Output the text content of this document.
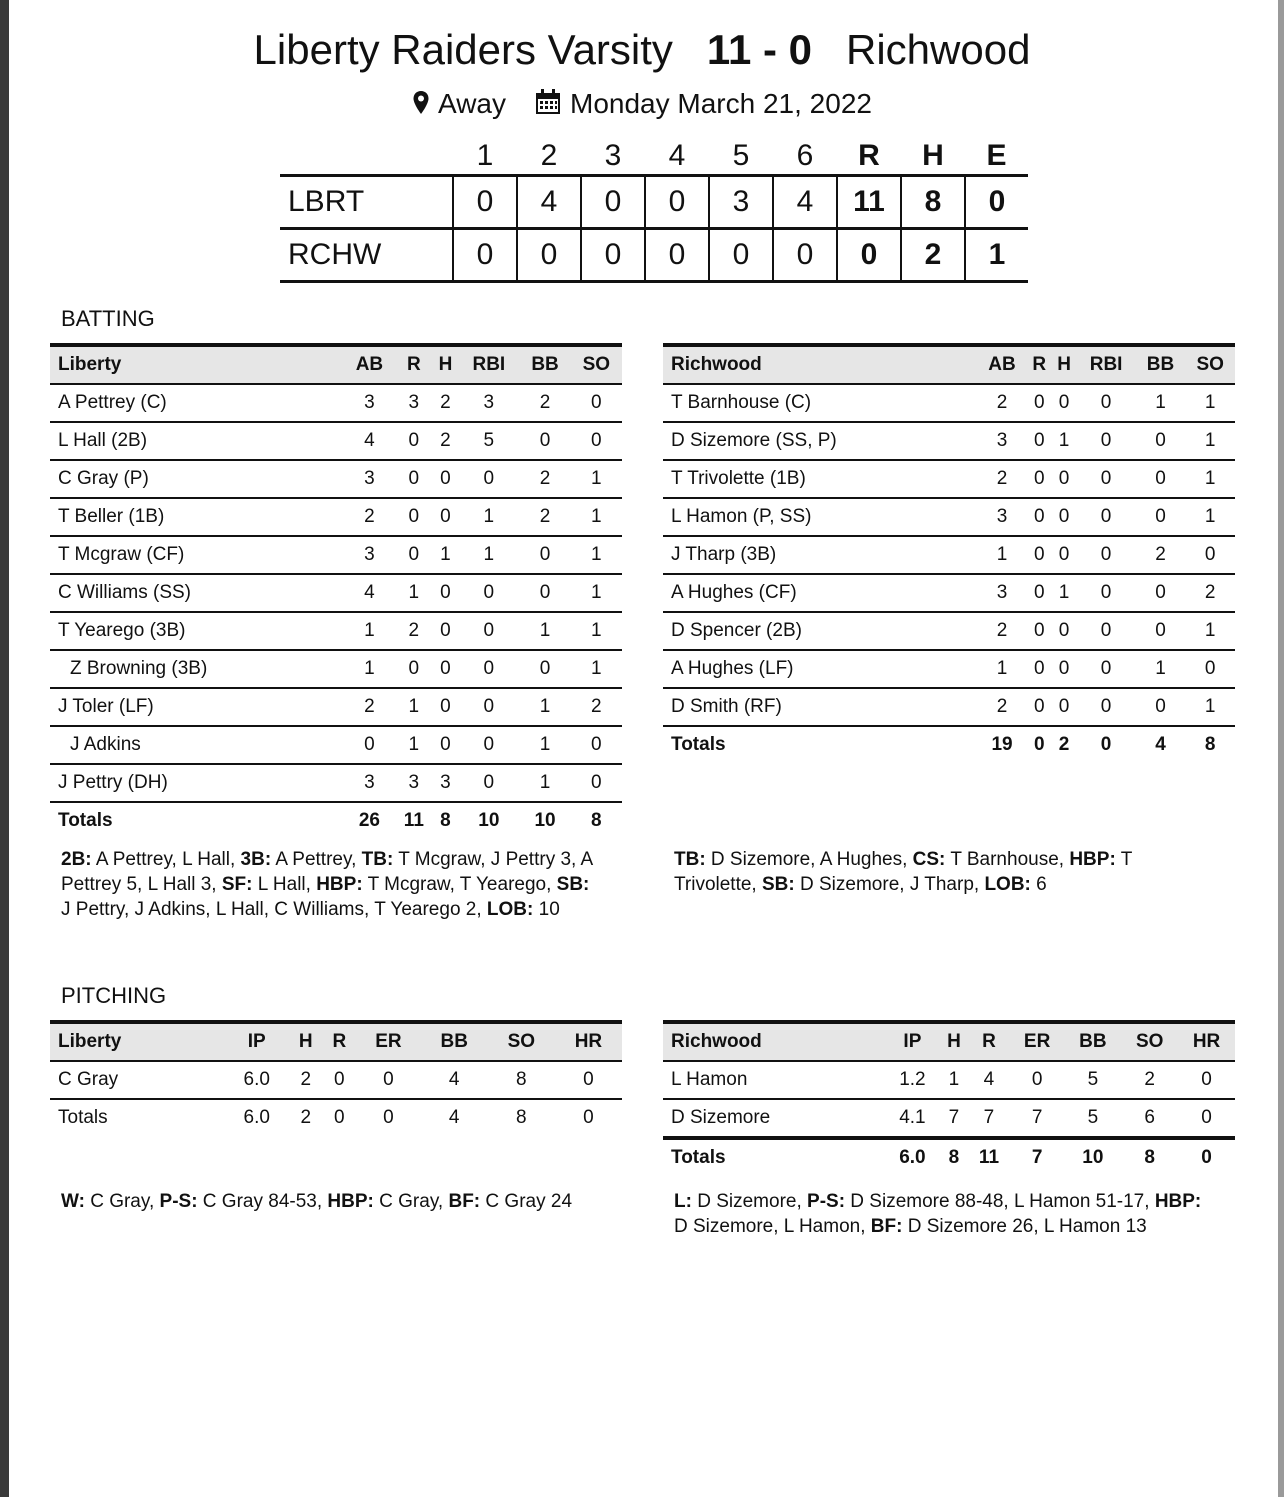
Liberty Raiders Varsity 11 - 0 Richwood
Away Monday March 21, 2022
	1	2	3	4	5	6	R	H	E
LBRT	0	4	0	0	3	4	11	8	0
RCHW	0	0	0	0	0	0	0	2	1
BATTING
Liberty	AB	R	H	RBI	BB	SO
A Pettrey (C)	3	3	2	3	2	0
L Hall (2B)	4	0	2	5	0	0
C Gray (P)	3	0	0	0	2	1
T Beller (1B)	2	0	0	1	2	1
T Mcgraw (CF)	3	0	1	1	0	1
C Williams (SS)	4	1	0	0	0	1
T Yearego (3B)	1	2	0	0	1	1
Z Browning (3B)	1	0	0	0	0	1
J Toler (LF)	2	1	0	0	1	2
J Adkins	0	1	0	0	1	0
J Pettry (DH)	3	3	3	0	1	0
Totals	26	11	8	10	10	8
Richwood	AB	R	H	RBI	BB	SO
T Barnhouse (C)	2	0	0	0	1	1
D Sizemore (SS, P)	3	0	1	0	0	1
T Trivolette (1B)	2	0	0	0	0	1
L Hamon (P, SS)	3	0	0	0	0	1
J Tharp (3B)	1	0	0	0	2	0
A Hughes (CF)	3	0	1	0	0	2
D Spencer (2B)	2	0	0	0	0	1
A Hughes (LF)	1	0	0	0	1	0
D Smith (RF)	2	0	0	0	0	1
Totals	19	0	2	0	4	8
2B: A Pettrey, L Hall, 3B: A Pettrey, TB: T Mcgraw, J Pettry 3, A Pettrey 5, L Hall 3, SF: L Hall, HBP: T Mcgraw, T Yearego, SB: J Pettry, J Adkins, L Hall, C Williams, T Yearego 2, LOB: 10
TB: D Sizemore, A Hughes, CS: T Barnhouse, HBP: T Trivolette, SB: D Sizemore, J Tharp, LOB: 6
PITCHING
Liberty	IP	H	R	ER	BB	SO	HR
C Gray	6.0	2	0	0	4	8	0
Totals	6.0	2	0	0	4	8	0
Richwood	IP	H	R	ER	BB	SO	HR
L Hamon	1.2	1	4	0	5	2	0
D Sizemore	4.1	7	7	7	5	6	0
Totals	6.0	8	11	7	10	8	0
W: C Gray, P-S: C Gray 84-53, HBP: C Gray, BF: C Gray 24	L: D Sizemore, P-S: D Sizemore 88-48, L Hamon 51-17, HBP: D Sizemore, L Hamon, BF: D Sizemore 26, L Hamon 13
